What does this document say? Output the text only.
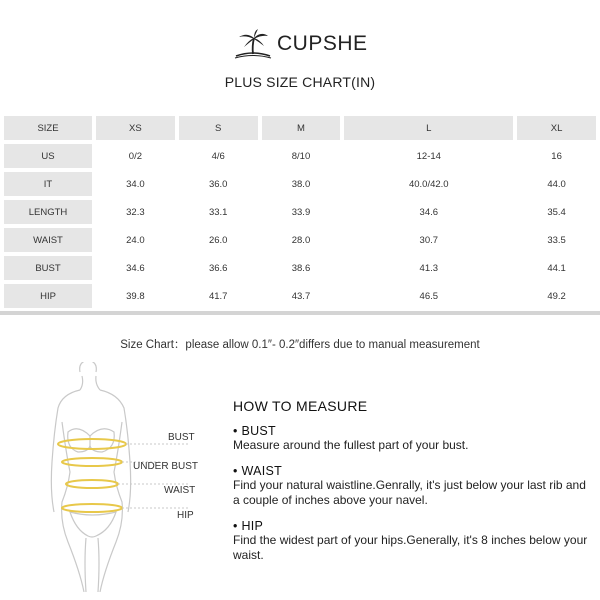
CUPSHE
PLUS SIZE CHART(IN)
SIZE	XS	S	M	L	XL
US	0/2	4/6	8/10	12-14	16
IT	34.0	36.0	38.0	40.0/42.0	44.0
LENGTH	32.3	33.1	33.9	34.6	35.4
WAIST	24.0	26.0	28.0	30.7	33.5
BUST	34.6	36.6	38.6	41.3	44.1
HIP	39.8	41.7	43.7	46.5	49.2
Size Chart：please allow 0.1″- 0.2″differs due to manual measurement
BUST
UNDER BUST
WAIST
HIP
HOW TO MEASURE
• BUST
Measure around the fullest part of your bust.
• WAIST
Find your natural waistline.Genrally, it's just below your last rib and a couple of inches above your navel.
• HIP
Find the widest part of your hips.Generally, it's 8 inches below your waist.
